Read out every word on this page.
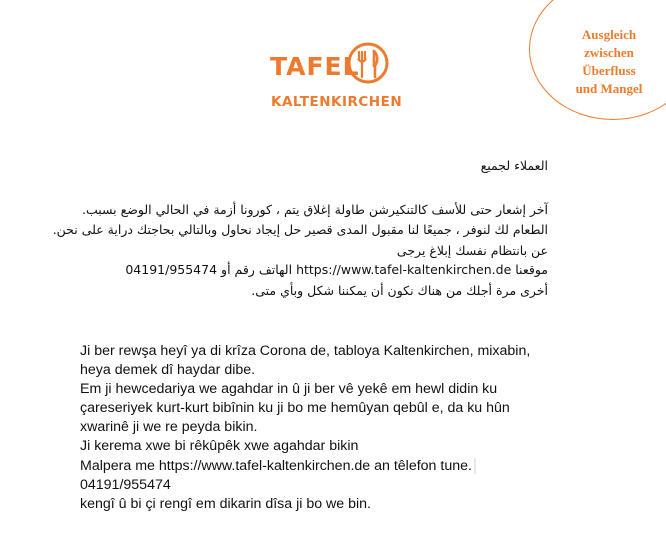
TAFEL
KALTENKIRCHEN
Ausgleich
zwischen
Überfluss
und Mangel
العملاء لجميع
آخر إشعار حتى للأسف كالتنكيرشن طاولة إغلاق يتم ، كورونا أزمة في الحالي الوضع بسبب.
الطعام لك لنوفر ، جميعًا لنا مقبول المدى قصير حل إيجاد نحاول وبالتالي بحاجتك دراية على نحن.
عن بانتظام نفسك إبلاغ يرجى
04191/955474 الهاتف رقم أو https://www.tafel-kaltenkirchen.de موقعنا
أخرى مرة أجلك من هناك نكون أن يمكننا شكل وبأي متى.
Ji ber rewşa heyî ya di krîza Corona de, tabloya Kaltenkirchen, mixabin,
heya demek dî haydar dibe.
Em ji hewcedariya we agahdar in û ji ber vê yekê em hewl didin ku
çareseriyek kurt-kurt bibînin ku ji bo me hemûyan qebûl e, da ku hûn
xwarinê ji we re peyda bikin.
Ji kerema xwe bi rêkûpêk xwe agahdar bikin
Malpera me https://www.tafel-kaltenkirchen.de an têlefon tune.
04191/955474
kengî û bi çi rengî em dikarin dîsa ji bo we bin.
